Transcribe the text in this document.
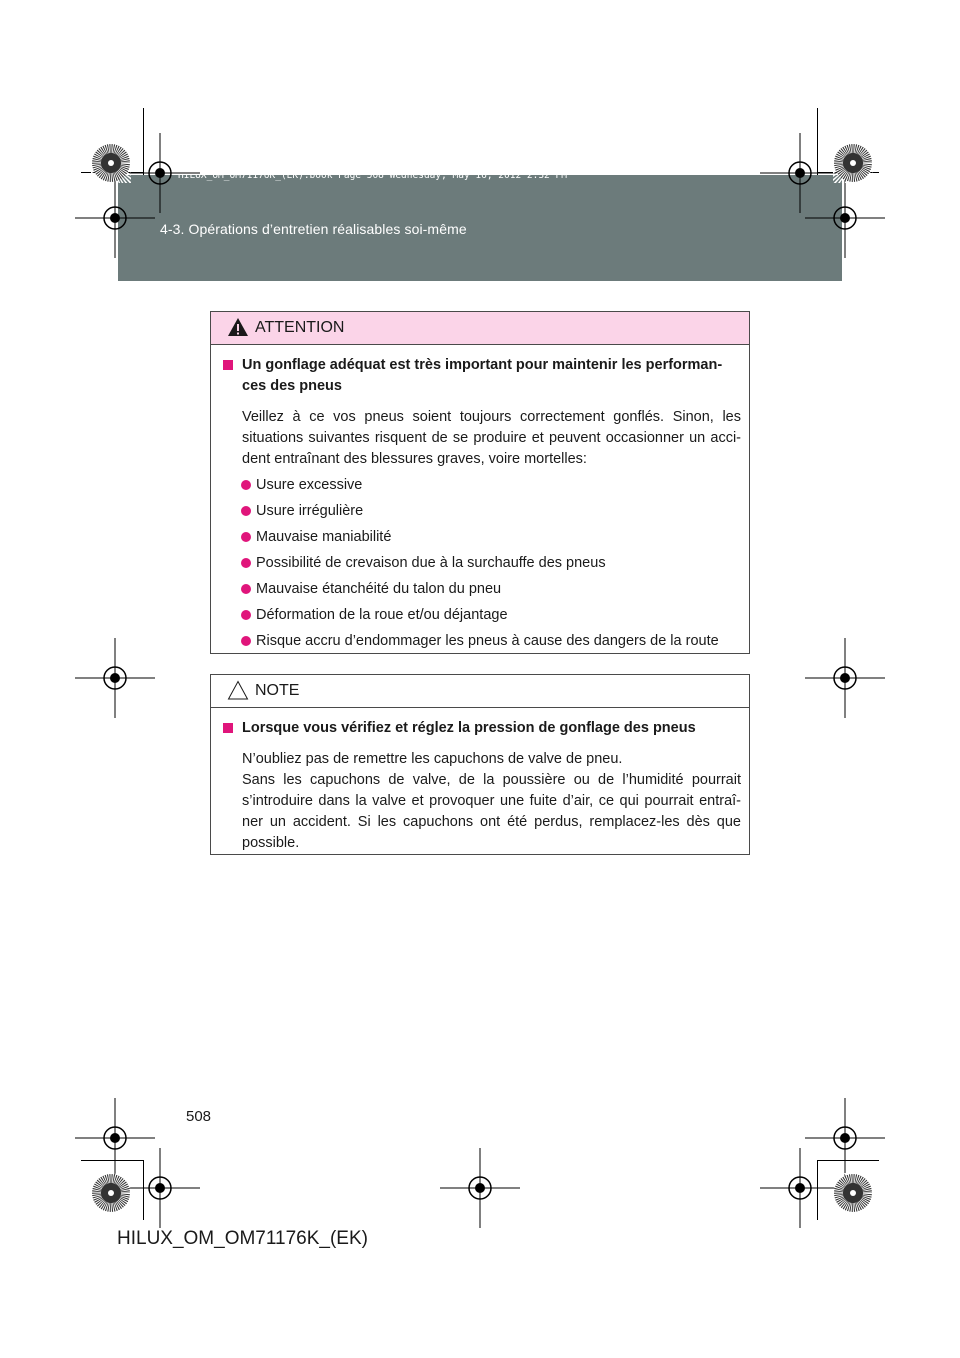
HILUX_OM_OM71176K_(EK).book Page 508 Wednesday, May 16, 2012 2:32 PM
4-3. Opérations d’entretien réalisables soi-même
ATTENTION
Un gonflage adéquat est très important pour maintenir les performan-ces des pneus
Veillez à ce vos pneus soient toujours correctement gonflés. Sinon, les situations suivantes risquent de se produire et peuvent occasionner un acci-dent entraînant des blessures graves, voire mortelles:
Usure excessive
Usure irrégulière
Mauvaise maniabilité
Possibilité de crevaison due à la surchauffe des pneus
Mauvaise étanchéité du talon du pneu
Déformation de la roue et/ou déjantage
Risque accru d’endommager les pneus à cause des dangers de la route
NOTE
Lorsque vous vérifiez et réglez la pression de gonflage des pneus
N’oubliez pas de remettre les capuchons de valve de pneu.
Sans les capuchons de valve, de la poussière ou de l’humidité pourrait s’introduire dans la valve et provoquer une fuite d’air, ce qui pourrait entraî-ner un accident. Si les capuchons ont été perdus, remplacez-les dès que possible.
508
HILUX_OM_OM71176K_(EK)
